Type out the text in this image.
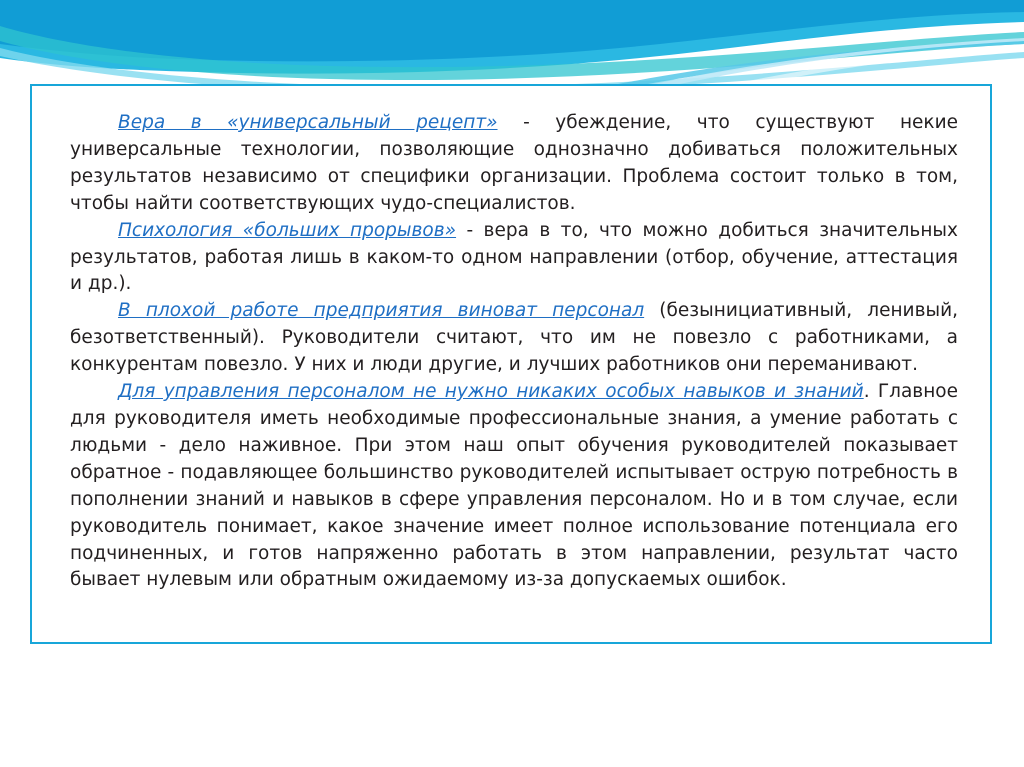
Вера в «универсальный рецепт» - убеждение, что существуют некие универсальные технологии, позволяющие однозначно добиваться положительных результатов независимо от специфики организации. Проблема состоит только в том, чтобы найти соответствующих чудо-специалистов.

Психология «больших прорывов» - вера в то, что можно добиться значительных результатов, работая лишь в каком-то одном направлении (отбор, обучение, аттестация и др.).

В плохой работе предприятия виноват персонал (безынициативный, ленивый, безответственный). Руководители считают, что им не повезло с работниками, а конкурентам повезло. У них и люди другие, и лучших работников они переманивают.

Для управления персоналом не нужно никаких особых навыков и знаний. Главное для руководителя иметь необходимые профессиональные знания, а умение работать с людьми - дело наживное. При этом наш опыт обучения руководителей показывает обратное - подавляющее большинство руководителей испытывает острую потребность в пополнении знаний и навыков в сфере управления персоналом. Но и в том случае, если руководитель понимает, какое значение имеет полное использование потенциала его подчиненных, и готов напряженно работать в этом направлении, результат часто бывает нулевым или обратным ожидаемому из-за допускаемых ошибок.
